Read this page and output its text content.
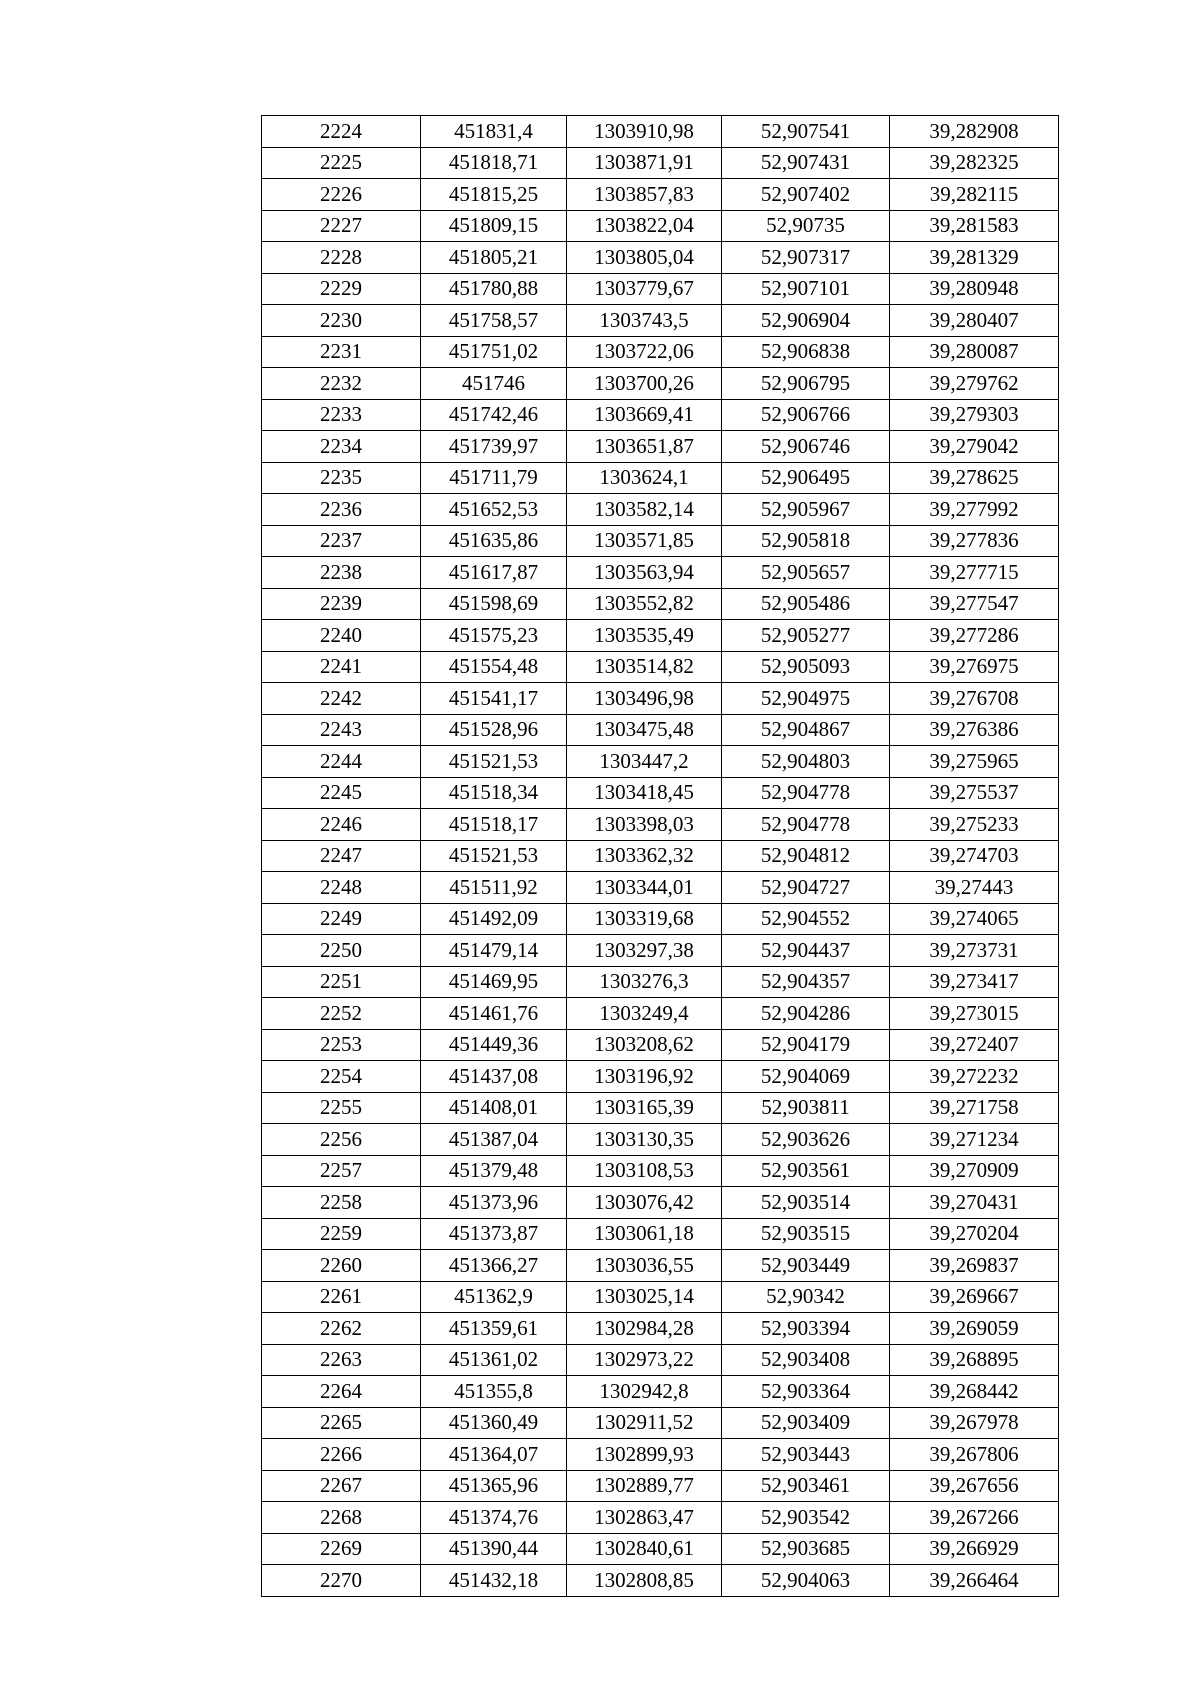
2224	451831,4	1303910,98	52,907541	39,282908
2225	451818,71	1303871,91	52,907431	39,282325
2226	451815,25	1303857,83	52,907402	39,282115
2227	451809,15	1303822,04	52,90735	39,281583
2228	451805,21	1303805,04	52,907317	39,281329
2229	451780,88	1303779,67	52,907101	39,280948
2230	451758,57	1303743,5	52,906904	39,280407
2231	451751,02	1303722,06	52,906838	39,280087
2232	451746	1303700,26	52,906795	39,279762
2233	451742,46	1303669,41	52,906766	39,279303
2234	451739,97	1303651,87	52,906746	39,279042
2235	451711,79	1303624,1	52,906495	39,278625
2236	451652,53	1303582,14	52,905967	39,277992
2237	451635,86	1303571,85	52,905818	39,277836
2238	451617,87	1303563,94	52,905657	39,277715
2239	451598,69	1303552,82	52,905486	39,277547
2240	451575,23	1303535,49	52,905277	39,277286
2241	451554,48	1303514,82	52,905093	39,276975
2242	451541,17	1303496,98	52,904975	39,276708
2243	451528,96	1303475,48	52,904867	39,276386
2244	451521,53	1303447,2	52,904803	39,275965
2245	451518,34	1303418,45	52,904778	39,275537
2246	451518,17	1303398,03	52,904778	39,275233
2247	451521,53	1303362,32	52,904812	39,274703
2248	451511,92	1303344,01	52,904727	39,27443
2249	451492,09	1303319,68	52,904552	39,274065
2250	451479,14	1303297,38	52,904437	39,273731
2251	451469,95	1303276,3	52,904357	39,273417
2252	451461,76	1303249,4	52,904286	39,273015
2253	451449,36	1303208,62	52,904179	39,272407
2254	451437,08	1303196,92	52,904069	39,272232
2255	451408,01	1303165,39	52,903811	39,271758
2256	451387,04	1303130,35	52,903626	39,271234
2257	451379,48	1303108,53	52,903561	39,270909
2258	451373,96	1303076,42	52,903514	39,270431
2259	451373,87	1303061,18	52,903515	39,270204
2260	451366,27	1303036,55	52,903449	39,269837
2261	451362,9	1303025,14	52,90342	39,269667
2262	451359,61	1302984,28	52,903394	39,269059
2263	451361,02	1302973,22	52,903408	39,268895
2264	451355,8	1302942,8	52,903364	39,268442
2265	451360,49	1302911,52	52,903409	39,267978
2266	451364,07	1302899,93	52,903443	39,267806
2267	451365,96	1302889,77	52,903461	39,267656
2268	451374,76	1302863,47	52,903542	39,267266
2269	451390,44	1302840,61	52,903685	39,266929
2270	451432,18	1302808,85	52,904063	39,266464
